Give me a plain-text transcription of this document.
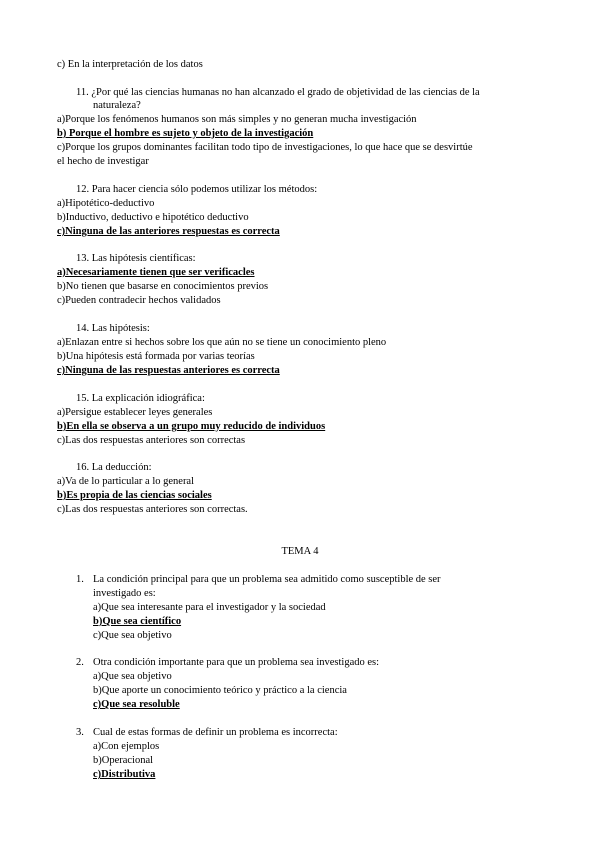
c) En la interpretación de los datos
11. ¿Por qué las ciencias humanas no han alcanzado el grado de objetividad de las ciencias de la
naturaleza?
a)Porque los fenómenos humanos son más simples y no generan mucha investigación
b) Porque el hombre es sujeto y objeto de la investigación
c)Porque los grupos dominantes facilitan todo tipo de investigaciones, lo que hace que se desvirtúe
el hecho de investigar
12. Para hacer ciencia sólo podemos utilizar los métodos:
a)Hipotético-deductivo
b)Inductivo, deductivo e hipotético deductivo
c)Ninguna de las anteriores respuestas es correcta
13. Las hipótesis científicas:
a)Necesariamente tienen que ser verificacles
b)No tienen que basarse en conocimientos previos
c)Pueden contradecir hechos validados
14. Las hipótesis:
a)Enlazan entre si hechos sobre los que aún no se tiene un conocimiento pleno
b)Una hipótesis está formada por varias teorías
c)Ninguna de las respuestas anteriores es correcta
15. La explicación idiográfica:
a)Persigue establecer leyes generales
b)En ella se observa a un grupo muy reducido de individuos
c)Las dos respuestas anteriores son correctas
16. La deducción:
a)Va de lo particular a lo general
b)Es propia de las ciencias sociales
c)Las dos respuestas anteriores son correctas.
TEMA 4
1. La condición principal para que un problema sea admitido como susceptible de ser
investigado es:
a)Que sea interesante para el investigador y la sociedad
b)Que sea científico
c)Que sea objetivo
2. Otra condición importante para que un problema sea investigado es:
a)Que sea objetivo
b)Que aporte un conocimiento teórico y práctico a la ciencia
c)Que sea resoluble
3. Cual de estas formas de definir un problema es incorrecta:
a)Con ejemplos
b)Operacional
c)Distributiva
